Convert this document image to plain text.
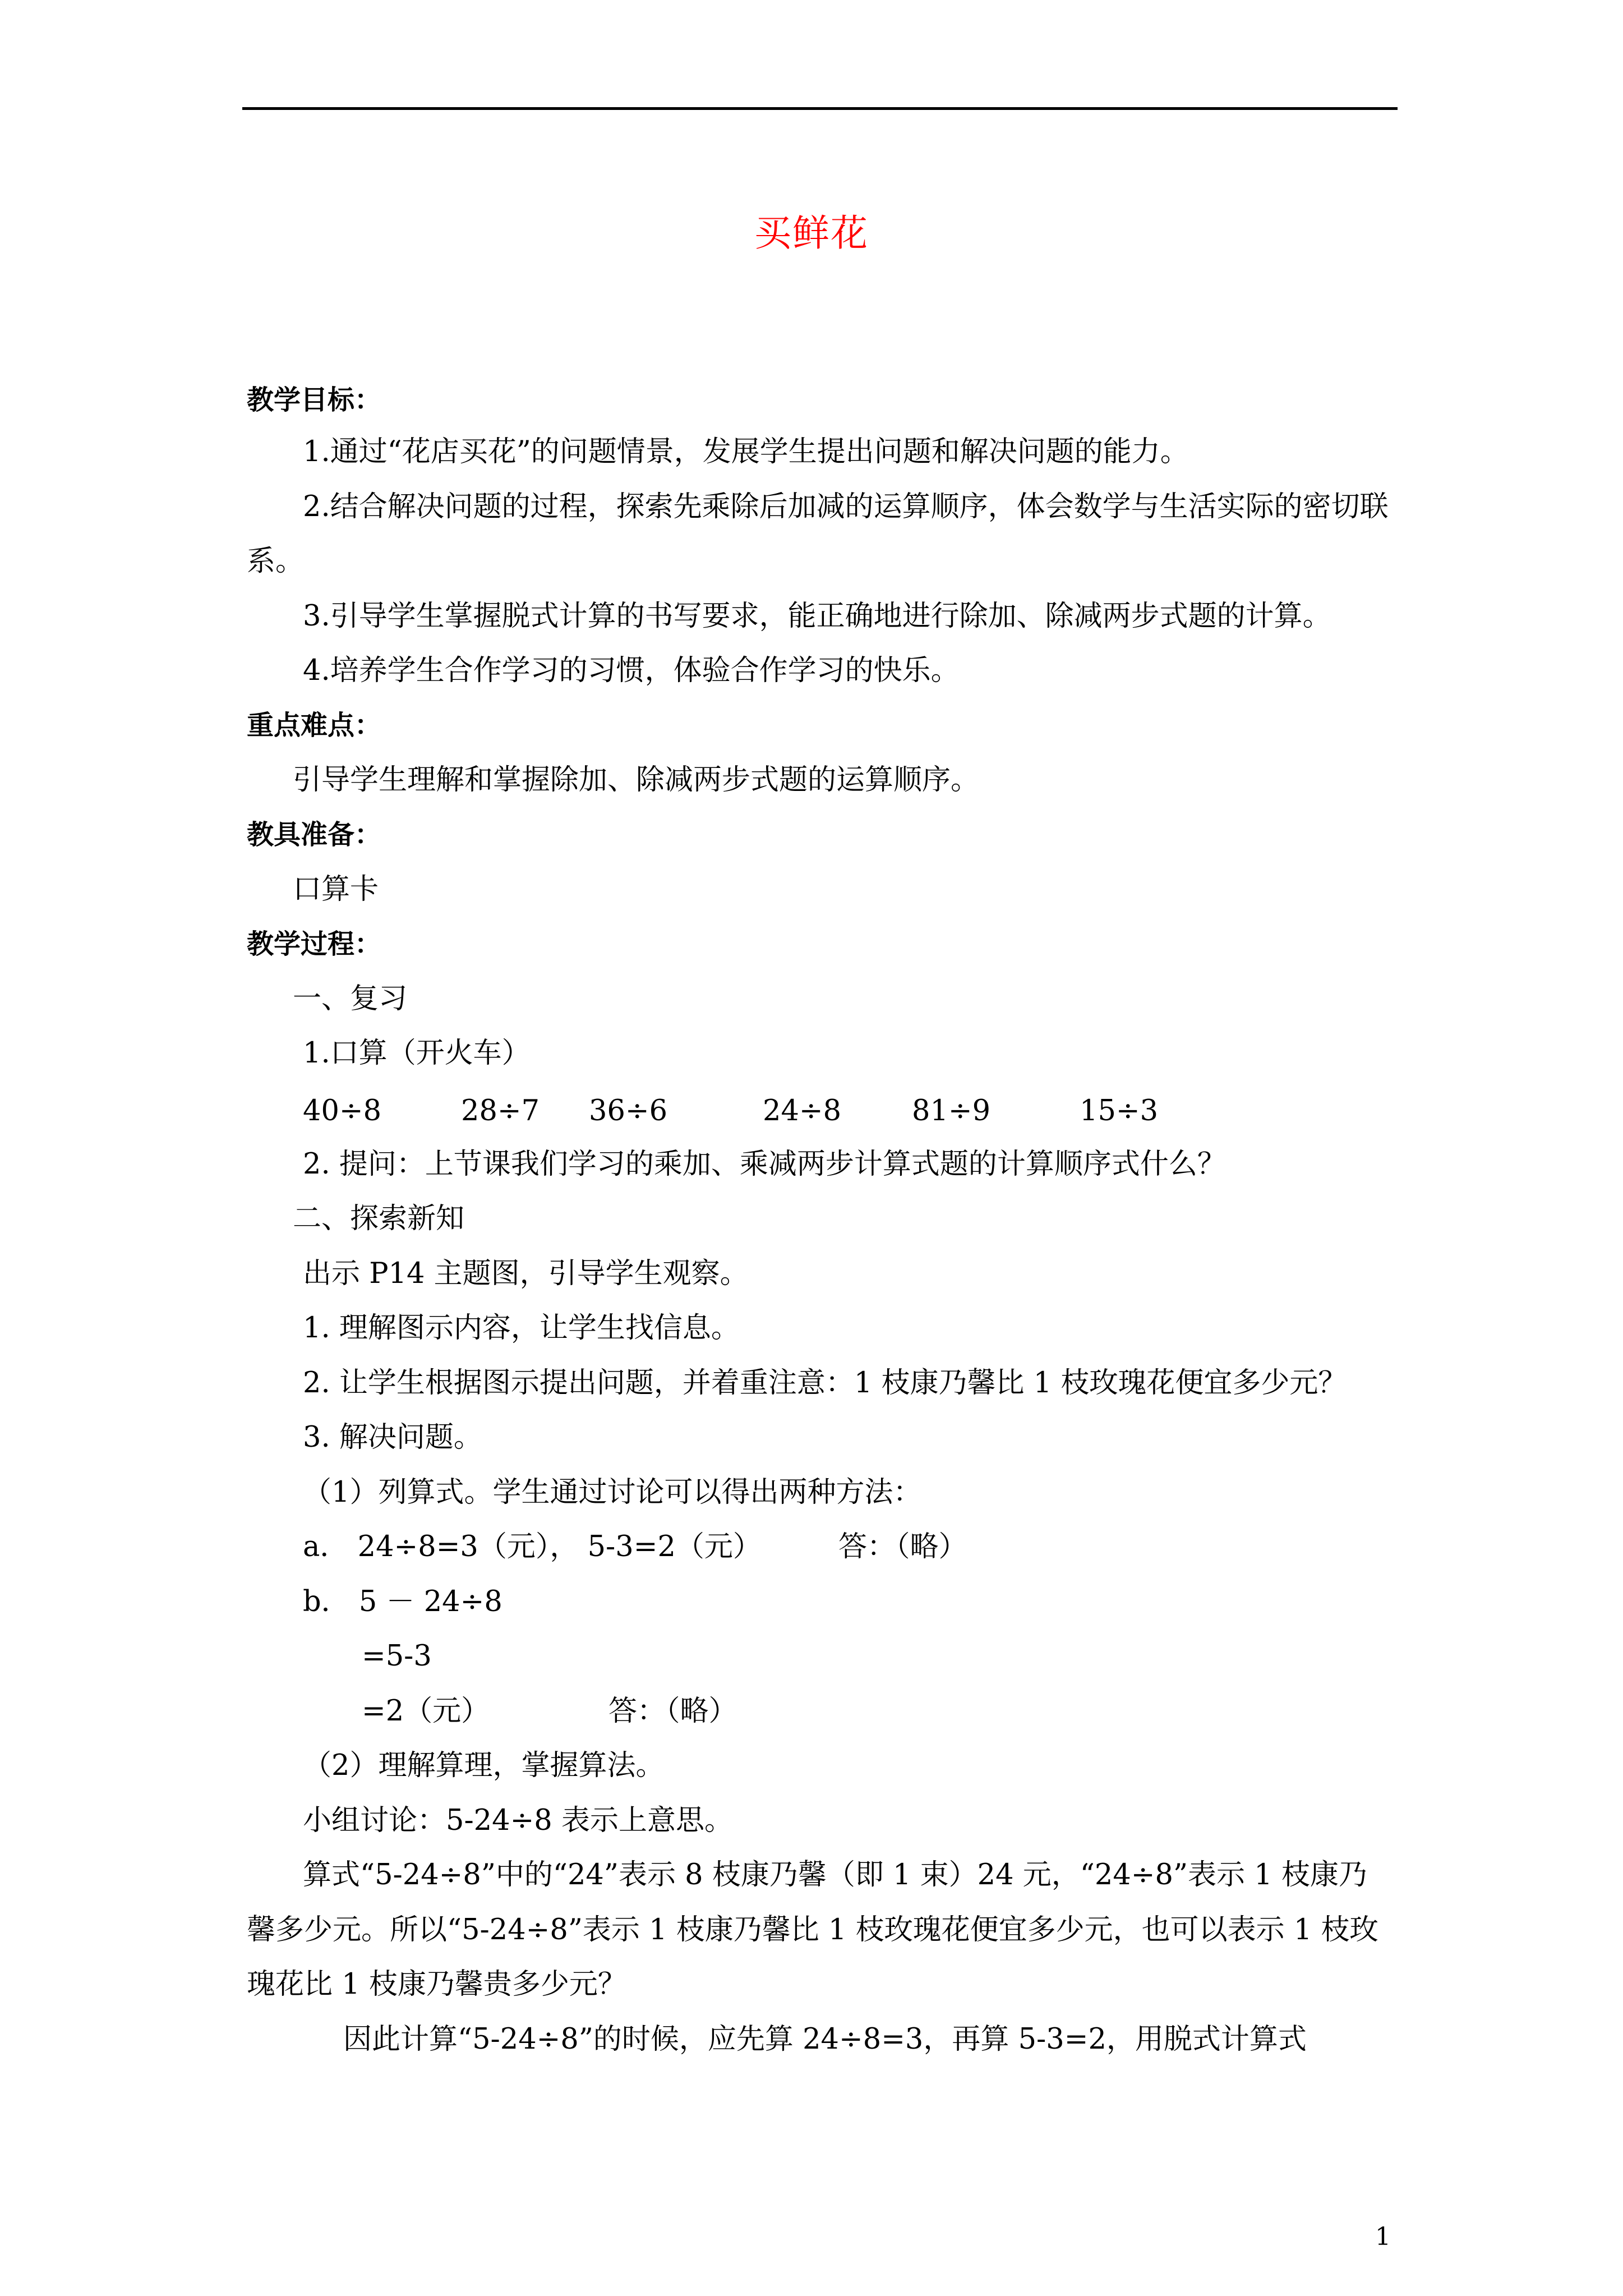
买鲜花
教学目标：
1.通过“花店买花”的问题情景，发展学生提出问题和解决问题的能力。
2.结合解决问题的过程，探索先乘除后加减的运算顺序，体会数学与生活实际的密切联
系。
3.引导学生掌握脱式计算的书写要求，能正确地进行除加、除减两步式题的计算。
4.培养学生合作学习的习惯，体验合作学习的快乐。
重点难点：
引导学生理解和掌握除加、除减两步式题的运算顺序。
教具准备：
口算卡
教学过程：
一、复习
1.口算（开火车）
40÷8	28÷7 36÷6	24÷8 81÷9	15÷3
2. 提问：上节课我们学习的乘加、乘减两步计算式题的计算顺序式什么？
二、探索新知
出示 P14 主题图，引导学生观察。
1. 理解图示内容，让学生找信息。
2. 让学生根据图示提出问题，并着重注意：1 枝康乃馨比 1 枝玫瑰花便宜多少元？
3. 解决问题。
（1）列算式。学生通过讨论可以得出两种方法：
a． 24÷8=3（元）， 5-3=2（元）	答：（略）
b． 5 － 24÷8
=5-3
=2（元）	答：（略）
（2）理解算理，掌握算法。
小组讨论：5-24÷8 表示上意思。
算式“5-24÷8”中的“24”表示 8 枝康乃馨（即 1 束）24 元，“24÷8”表示 1 枝康乃
馨多少元。所以“5-24÷8”表示 1 枝康乃馨比 1 枝玫瑰花便宜多少元，也可以表示 1 枝玫
瑰花比 1 枝康乃馨贵多少元？
因此计算“5-24÷8”的时候，应先算 24÷8=3，再算 5-3=2，用脱式计算式
1
